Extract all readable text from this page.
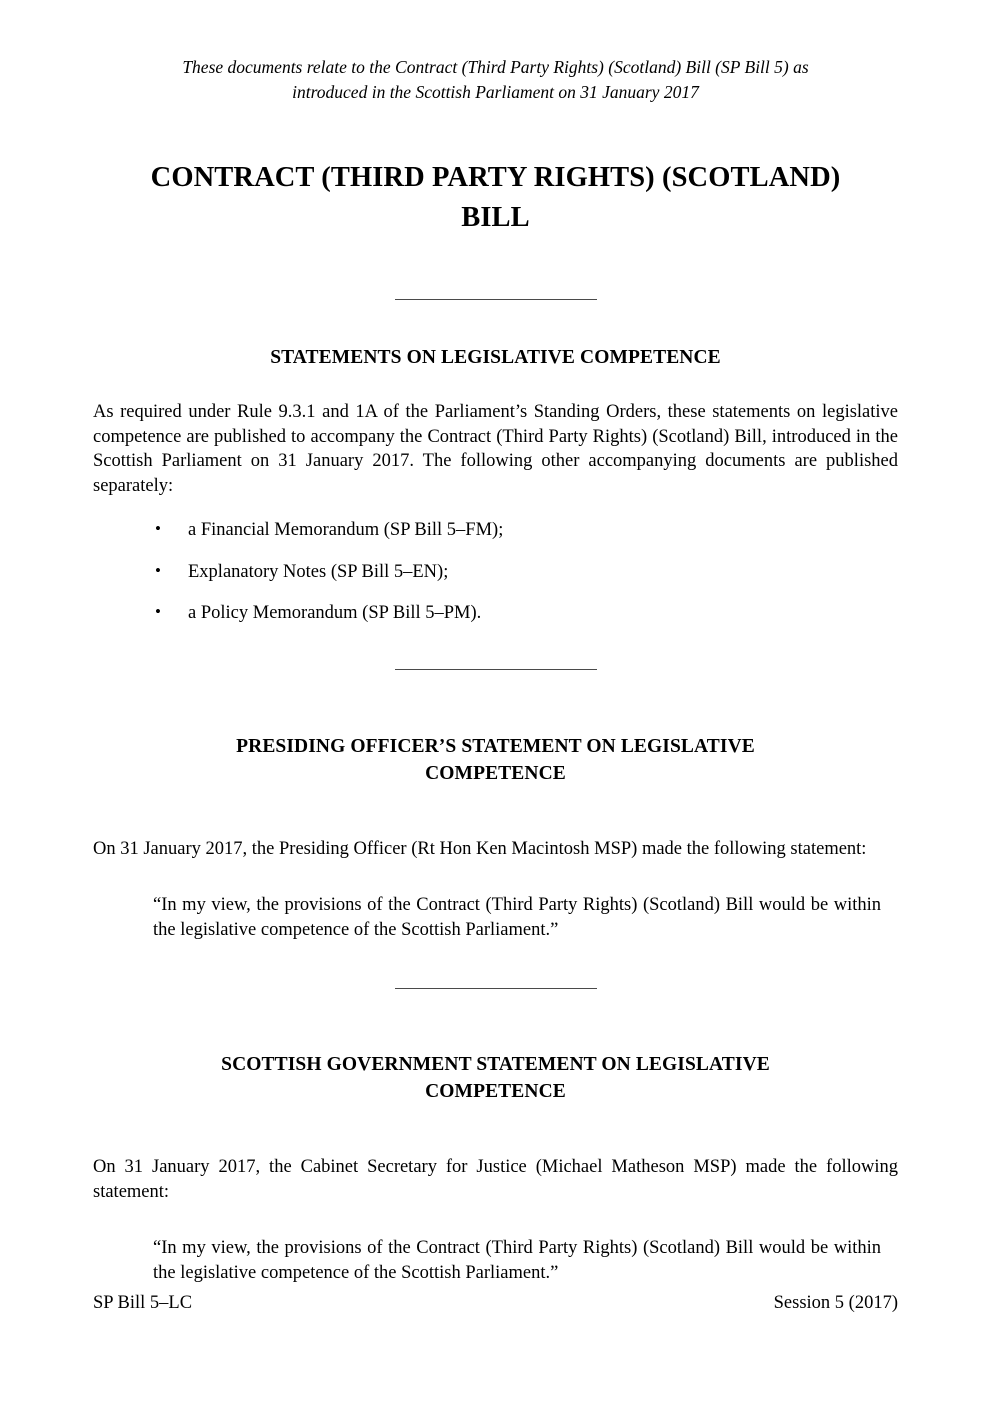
These documents relate to the Contract (Third Party Rights) (Scotland) Bill (SP Bill 5) as
introduced in the Scottish Parliament on 31 January 2017
CONTRACT (THIRD PARTY RIGHTS) (SCOTLAND)
BILL
STATEMENTS ON LEGISLATIVE COMPETENCE

As required under Rule 9.3.1 and 1A of the Parliament’s Standing Orders, these statements on legislative competence are published to accompany the Contract (Third Party Rights) (Scotland) Bill, introduced in the Scottish Parliament on 31 January 2017. The following other accompanying documents are published separately:

• a Financial Memorandum (SP Bill 5–FM);
• Explanatory Notes (SP Bill 5–EN);
• a Policy Memorandum (SP Bill 5–PM).
PRESIDING OFFICER’S STATEMENT ON LEGISLATIVE
COMPETENCE

On 31 January 2017, the Presiding Officer (Rt Hon Ken Macintosh MSP) made the following statement:

“In my view, the provisions of the Contract (Third Party Rights) (Scotland) Bill would be within the legislative competence of the Scottish Parliament.”
SCOTTISH GOVERNMENT STATEMENT ON LEGISLATIVE
COMPETENCE

On 31 January 2017, the Cabinet Secretary for Justice (Michael Matheson MSP) made the following statement:

“In my view, the provisions of the Contract (Third Party Rights) (Scotland) Bill would be within the legislative competence of the Scottish Parliament.”
SP Bill 5–LC	Session 5 (2017)
